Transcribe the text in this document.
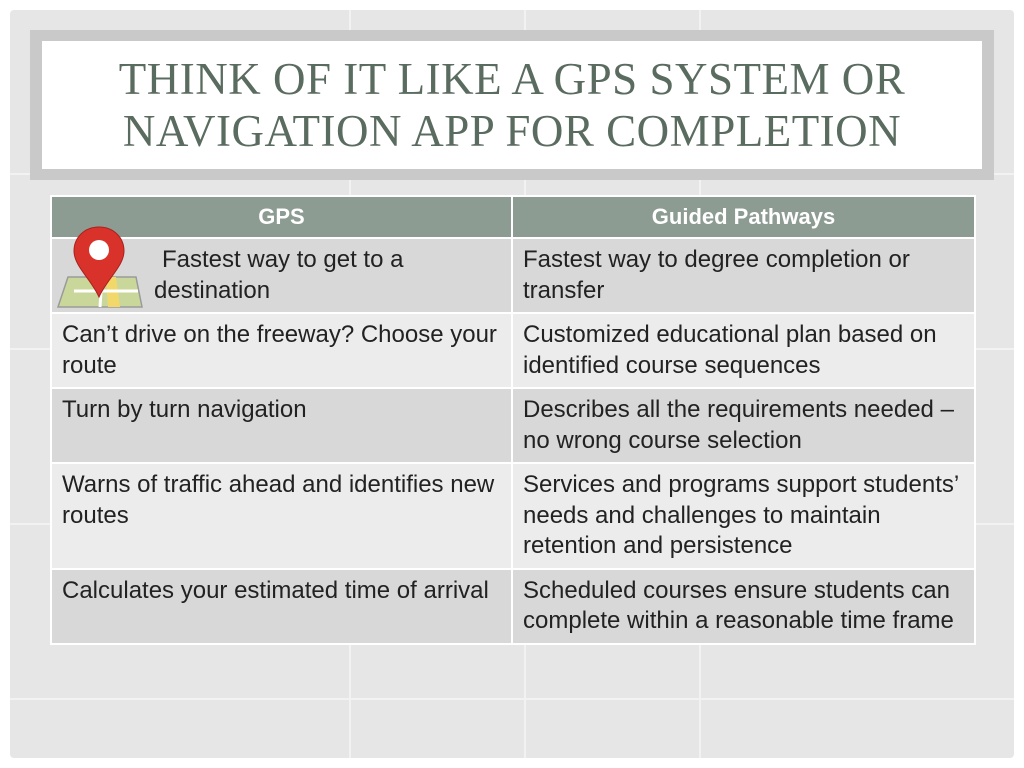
THINK OF IT LIKE A GPS SYSTEM OR
NAVIGATION APP FOR COMPLETION
GPS	Guided Pathways

Fastest way to get to a
destination	Fastest way to degree completion or transfer
Can’t drive on the freeway? Choose your route	Customized educational plan based on identified course sequences
Turn by turn navigation	Describes all the requirements needed – no wrong course selection
Warns of traffic ahead and identifies new routes	Services and programs support students’ needs and challenges to maintain retention and persistence
Calculates your estimated time of arrival	Scheduled courses ensure students can complete within a reasonable time frame
